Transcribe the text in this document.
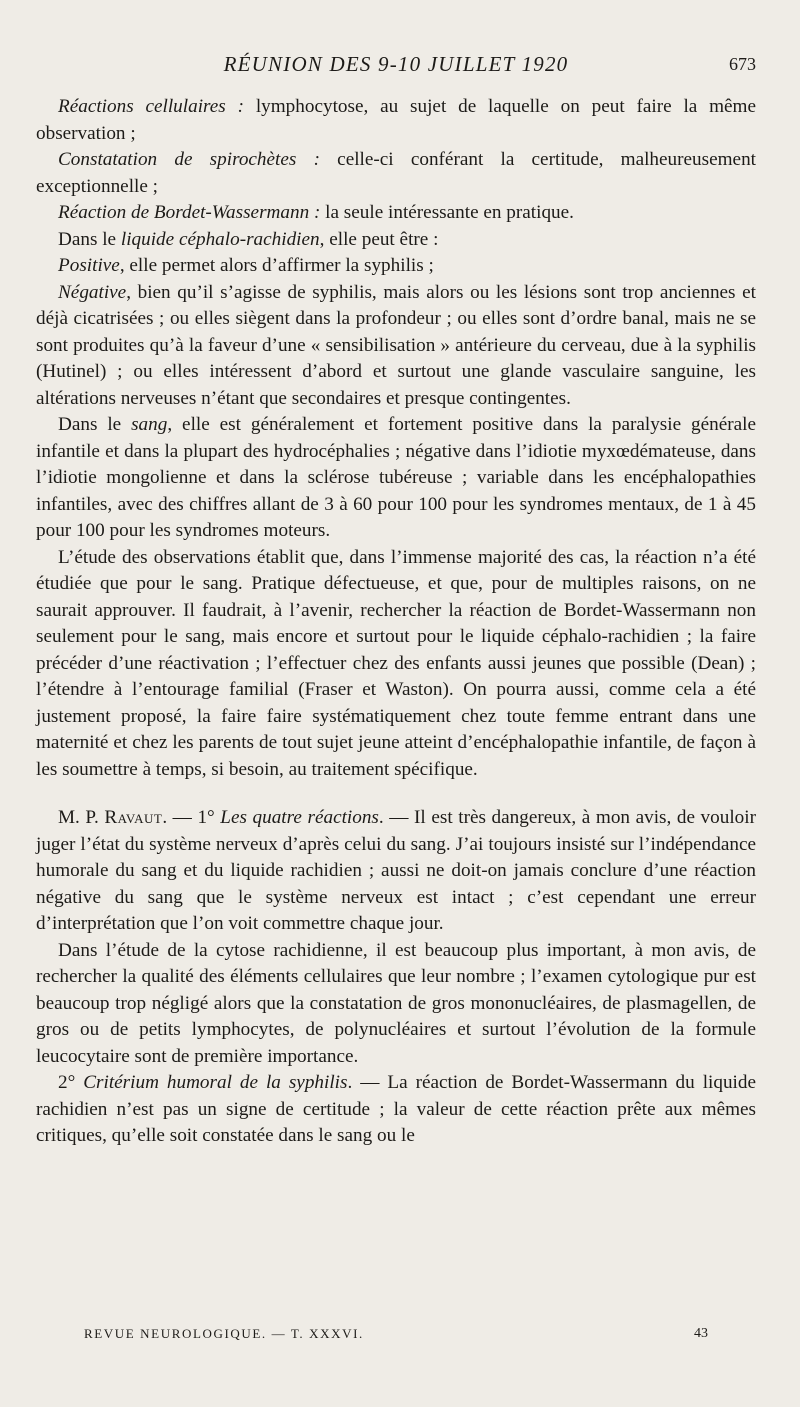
RÉUNION DES 9-10 JUILLET 1920	673

Réactions cellulaires : lymphocytose, au sujet de laquelle on peut faire la même observation ;

Constatation de spirochètes : celle-ci conférant la certitude, malheureusement exceptionnelle ;

Réaction de Bordet-Wassermann : la seule intéressante en pratique.

Dans le liquide céphalo-rachidien, elle peut être :

Positive, elle permet alors d’affirmer la syphilis ;

Négative, bien qu’il s’agisse de syphilis, mais alors ou les lésions sont trop anciennes et déjà cicatrisées ; ou elles siègent dans la profondeur ; ou elles sont d’ordre banal, mais ne se sont produites qu’à la faveur d’une « sensibilisation » antérieure du cerveau, due à la syphilis (Hutinel) ; ou elles intéressent d’abord et surtout une glande vasculaire sanguine, les altérations nerveuses n’étant que secondaires et presque contingentes.

Dans le sang, elle est généralement et fortement positive dans la paralysie générale infantile et dans la plupart des hydrocéphalies ; négative dans l’idiotie myxœdémateuse, dans l’idiotie mongolienne et dans la sclérose tubéreuse ; variable dans les encéphalopathies infantiles, avec des chiffres allant de 3 à 60 pour 100 pour les syndromes mentaux, de 1 à 45 pour 100 pour les syndromes moteurs.

L’étude des observations établit que, dans l’immense majorité des cas, la réaction n’a été étudiée que pour le sang. Pratique défectueuse, et que, pour de multiples raisons, on ne saurait approuver. Il faudrait, à l’avenir, rechercher la réaction de Bordet-Wassermann non seulement pour le sang, mais encore et surtout pour le liquide céphalo-rachidien ; la faire précéder d’une réactivation ; l’effectuer chez des enfants aussi jeunes que possible (Dean) ; l’étendre à l’entourage familial (Fraser et Waston). On pourra aussi, comme cela a été justement proposé, la faire faire systématiquement chez toute femme entrant dans une maternité et chez les parents de tout sujet jeune atteint d’encéphalopathie infantile, de façon à les soumettre à temps, si besoin, au traitement spécifique.

M. P. Ravaut. — 1° Les quatre réactions. — Il est très dangereux, à mon avis, de vouloir juger l’état du système nerveux d’après celui du sang. J’ai toujours insisté sur l’indépendance humorale du sang et du liquide rachidien ; aussi ne doit-on jamais conclure d’une réaction négative du sang que le système nerveux est intact ; c’est cependant une erreur d’interprétation que l’on voit commettre chaque jour.

Dans l’étude de la cytose rachidienne, il est beaucoup plus important, à mon avis, de rechercher la qualité des éléments cellulaires que leur nombre ; l’examen cytologique pur est beaucoup trop négligé alors que la constatation de gros mononucléaires, de plasmagellen, de gros ou de petits lymphocytes, de polynucléaires et surtout l’évolution de la formule leucocytaire sont de première importance.

2° Critérium humoral de la syphilis. — La réaction de Bordet-Wassermann du liquide rachidien n’est pas un signe de certitude ; la valeur de cette réaction prête aux mêmes critiques, qu’elle soit constatée dans le sang ou le

REVUE NEUROLOGIQUE. — T. XXXVI.	43
